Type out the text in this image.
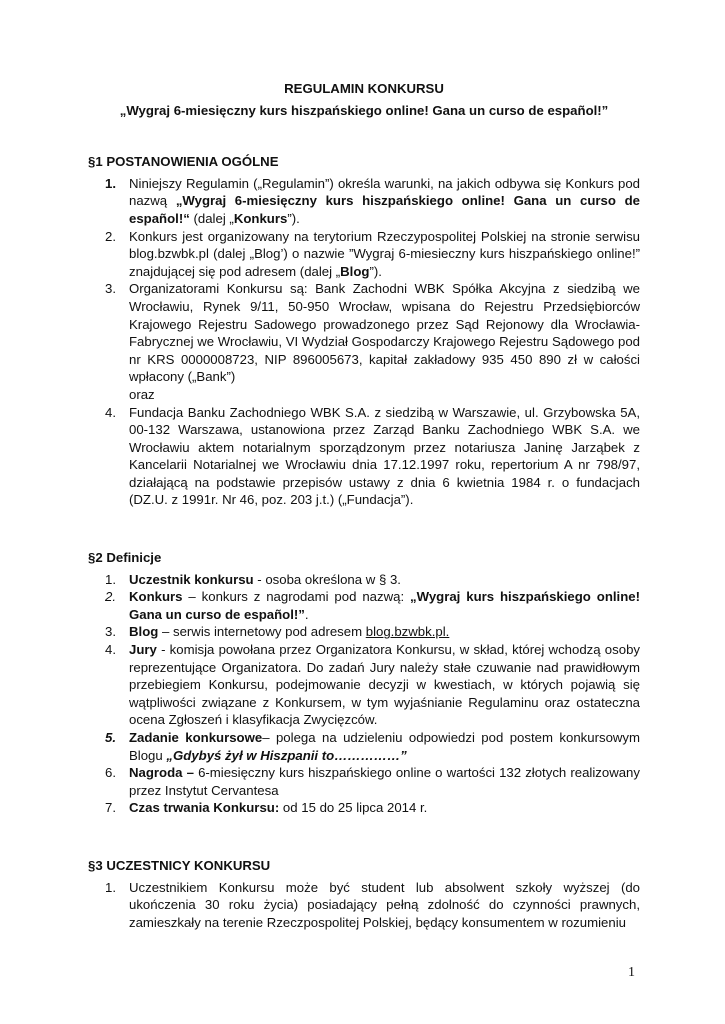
REGULAMIN KONKURSU

„Wygraj 6-miesięczny kurs hiszpańskiego online! Gana un curso de español!”

§1 POSTANOWIENIA OGÓLNE

1. Niniejszy Regulamin („Regulamin”) określa warunki, na jakich odbywa się Konkurs pod nazwą „Wygraj 6-miesięczny kurs hiszpańskiego online! Gana un curso de español!“ (dalej „Konkurs”).
2. Konkurs jest organizowany na terytorium Rzeczypospolitej Polskiej na stronie serwisu blog.bzwbk.pl (dalej „Blog’) o nazwie ”Wygraj 6-miesieczny kurs hiszpańskiego online!” znajdującej się pod adresem (dalej „Blog”).
3. Organizatorami Konkursu są: Bank Zachodni WBK Spółka Akcyjna z siedzibą we Wrocławiu, Rynek 9/11, 50-950 Wrocław, wpisana do Rejestru Przedsiębiorców Krajowego Rejestru Sadowego prowadzonego przez Sąd Rejonowy dla Wrocławia-Fabrycznej we Wrocławiu, VI Wydział Gospodarczy Krajowego Rejestru Sądowego pod nr KRS 0000008723, NIP 896005673, kapitał zakładowy 935 450 890 zł w całości wpłacony („Bank”)
oraz
4. Fundacja Banku Zachodniego WBK S.A. z siedzibą w Warszawie, ul. Grzybowska 5A, 00-132 Warszawa, ustanowiona przez Zarząd Banku Zachodniego WBK S.A. we Wrocławiu aktem notarialnym sporządzonym przez notariusza Janinę Jarząbek z Kancelarii Notarialnej we Wrocławiu dnia 17.12.1997 roku, repertorium A nr 798/97, działającą na podstawie przepisów ustawy z dnia 6 kwietnia 1984 r. o fundacjach (DZ.U. z 1991r. Nr 46, poz. 203 j.t.) („Fundacja”).

§2 Definicje

1. Uczestnik konkursu - osoba określona w § 3.
2. Konkurs – konkurs z nagrodami pod nazwą: „Wygraj kurs hiszpańskiego online! Gana un curso de español!”.
3. Blog – serwis internetowy pod adresem blog.bzwbk.pl.
4. Jury - komisja powołana przez Organizatora Konkursu, w skład, której wchodzą osoby reprezentujące Organizatora. Do zadań Jury należy stałe czuwanie nad prawidłowym przebiegiem Konkursu, podejmowanie decyzji w kwestiach, w których pojawią się wątpliwości związane z Konkursem, w tym wyjaśnianie Regulaminu oraz ostateczna ocena Zgłoszeń i klasyfikacja Zwycięzców.
5. Zadanie konkursowe– polega na udzieleniu odpowiedzi pod postem konkursowym Blogu „Gdybyś żył w Hiszpanii to……………”
6. Nagroda – 6-miesięczny kurs hiszpańskiego online o wartości 132 złotych realizowany przez Instytut Cervantesa
7. Czas trwania Konkursu: od 15 do 25 lipca 2014 r.

§3 UCZESTNICY KONKURSU

1. Uczestnikiem Konkursu może być student lub absolwent szkoły wyższej (do ukończenia 30 roku życia) posiadający pełną zdolność do czynności prawnych, zamieszkały na terenie Rzeczpospolitej Polskiej, będący konsumentem w rozumieniu
1
